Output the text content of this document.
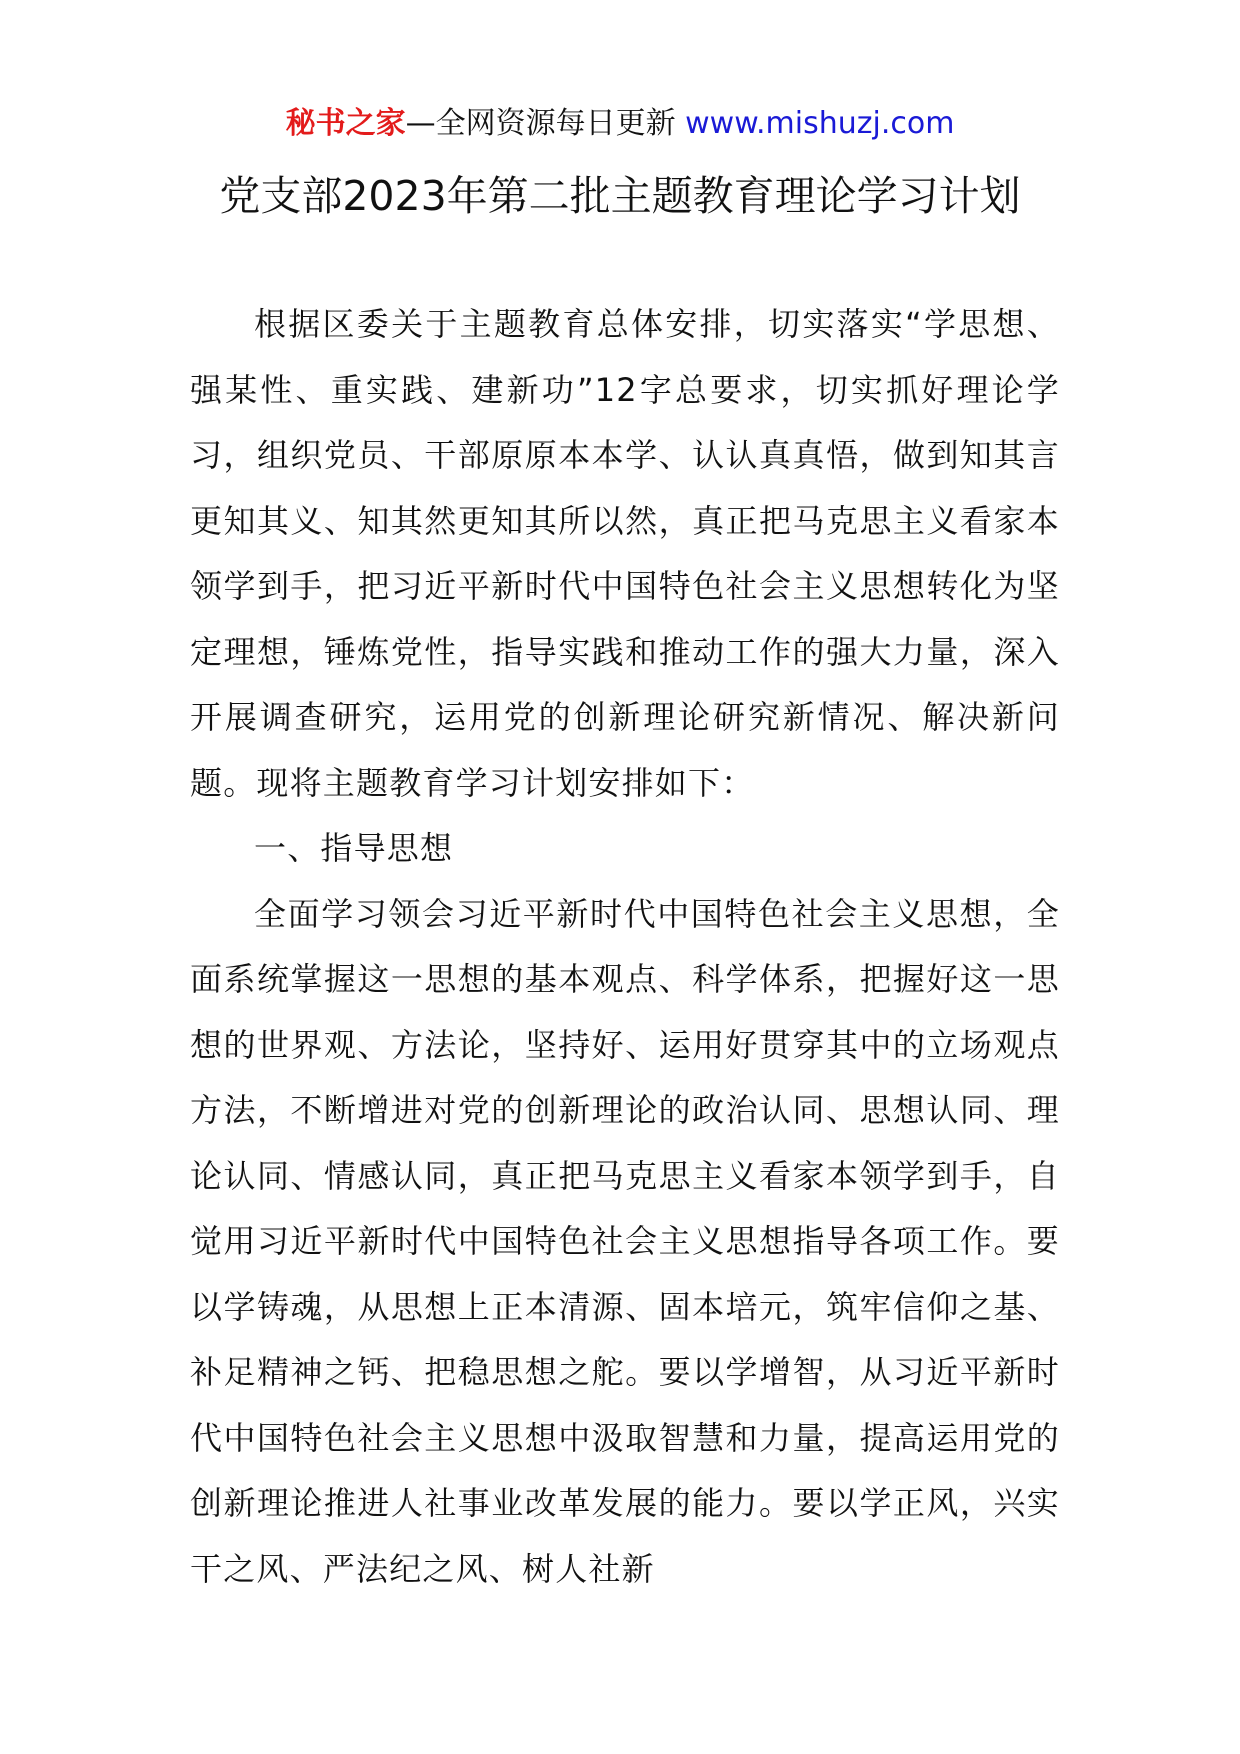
秘书之家—全网资源每日更新 www.mishuzj.com
党支部2023年第二批主题教育理论学习计划

根据区委关于主题教育总体安排，切实落实“学思想、强某性、重实践、建新功”12字总要求，切实抓好理论学习，组织党员、干部原原本本学、认认真真悟，做到知其言更知其义、知其然更知其所以然，真正把马克思主义看家本领学到手，把习近平新时代中国特色社会主义思想转化为坚定理想，锤炼党性，指导实践和推动工作的强大力量，深入开展调查研究，运用党的创新理论研究新情况、解决新问题。现将主题教育学习计划安排如下：

一、指导思想

全面学习领会习近平新时代中国特色社会主义思想，全面系统掌握这一思想的基本观点、科学体系，把握好这一思想的世界观、方法论，坚持好、运用好贯穿其中的立场观点方法，不断增进对党的创新理论的政治认同、思想认同、理论认同、情感认同，真正把马克思主义看家本领学到手，自觉用习近平新时代中国特色社会主义思想指导各项工作。要以学铸魂，从思想上正本清源、固本培元，筑牢信仰之基、补足精神之钙、把稳思想之舵。要以学增智，从习近平新时代中国特色社会主义思想中汲取智慧和力量，提高运用党的创新理论推进人社事业改革发展的能力。要以学正风，兴实干之风、严法纪之风、树人社新
